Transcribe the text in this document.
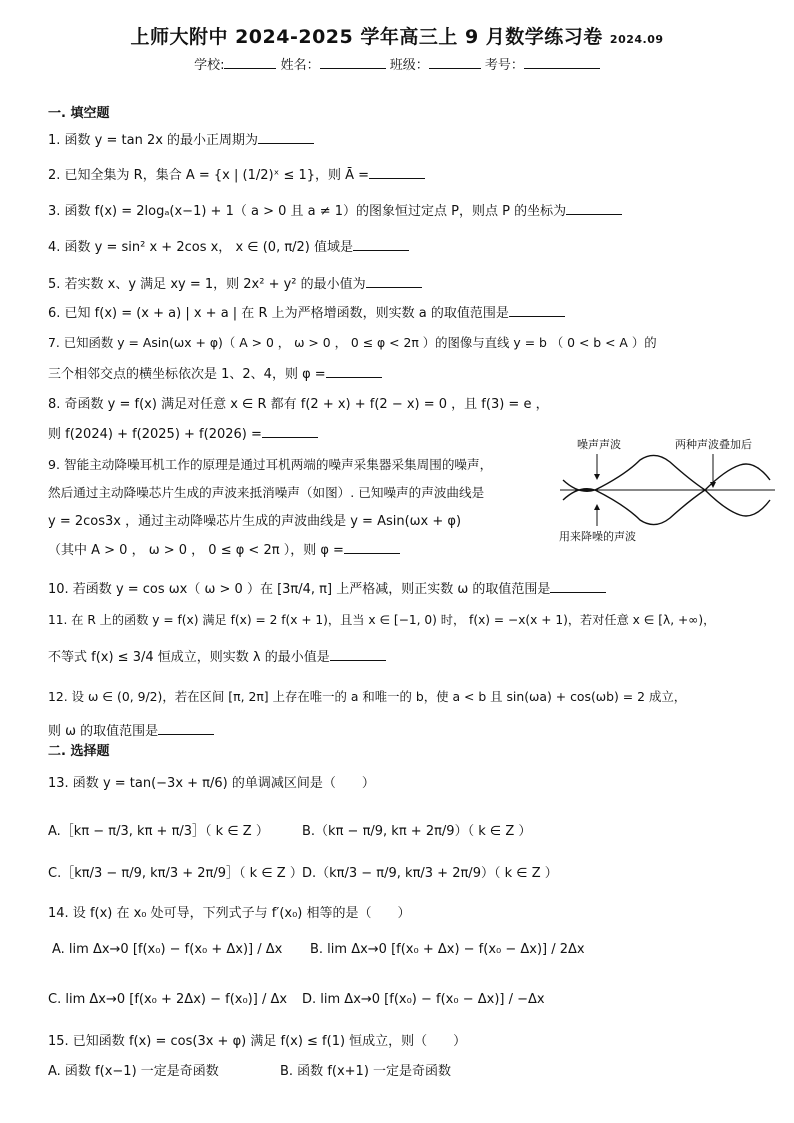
上师大附中 2024-2025 学年高三上 9 月数学练习卷 2024.09
学校:	姓名：	班级：	考号：
一. 填空题
1. 函数 y = tan 2x 的最小正周期为
2. 已知全集为 R，集合 A = {x | (1/2)ˣ ≤ 1}，则 Ā =
3. 函数 f(x) = 2logₐ(x−1) + 1（ a > 0 且 a ≠ 1）的图象恒过定点 P，则点 P 的坐标为
4. 函数 y = sin² x + 2cos x， x ∈ (0, π/2) 值域是
5. 若实数 x、y 满足 xy = 1，则 2x² + y² 的最小值为
6. 已知 f(x) = (x + a) | x + a | 在 R 上为严格增函数，则实数 a 的取值范围是
7. 已知函数 y = Asin(ωx + φ)（ A > 0 ， ω > 0 ， 0 ≤ φ < 2π ）的图像与直线 y = b （ 0 < b < A ）的
三个相邻交点的横坐标依次是 1、2、4，则 φ =
8. 奇函数 y = f(x) 满足对任意 x ∈ R 都有 f(2 + x) + f(2 − x) = 0 ，且 f(3) = e ，
则 f(2024) + f(2025) + f(2026) =
9. 智能主动降噪耳机工作的原理是通过耳机两端的噪声采集器采集周围的噪声，
然后通过主动降噪芯片生成的声波来抵消噪声（如图）. 已知噪声的声波曲线是
y = 2cos3x ，通过主动降噪芯片生成的声波曲线是 y = Asin(ωx + φ)
（其中 A > 0 ， ω > 0 ， 0 ≤ φ < 2π ），则 φ =
噪声声波	两种声波叠加后
用来降噪的声波
10. 若函数 y = cos ωx（ ω > 0 ）在 [3π/4, π] 上严格减，则正实数 ω 的取值范围是
11. 在 R 上的函数 y = f(x) 满足 f(x) = 2 f(x + 1)，且当 x ∈ [−1, 0) 时， f(x) = −x(x + 1)，若对任意 x ∈ [λ, +∞)，
不等式 f(x) ≤ 3/4 恒成立，则实数 λ 的最小值是
12. 设 ω ∈ (0, 9/2)，若在区间 [π, 2π] 上存在唯一的 a 和唯一的 b，使 a < b 且 sin(ωa) + cos(ωb) = 2 成立，
则 ω 的取值范围是
二. 选择题
13. 函数 y = tan(−3x + π/6) 的单调减区间是（　　）
A.［kπ − π/3, kπ + π/3］（ k ∈ Z ）	B.（kπ − π/9, kπ + 2π/9）（ k ∈ Z ）
C.［kπ/3 − π/9, kπ/3 + 2π/9］（ k ∈ Z ） D.（kπ/3 − π/9, kπ/3 + 2π/9）（ k ∈ Z ）
14. 设 f(x) 在 x₀ 处可导，下列式子与 f′(x₀) 相等的是（　　）
A. lim Δx→0 [f(x₀) − f(x₀ + Δx)] / Δx B. lim Δx→0 [f(x₀ + Δx) − f(x₀ − Δx)] / 2Δx
C. lim Δx→0 [f(x₀ + 2Δx) − f(x₀)] / Δx D. lim Δx→0 [f(x₀) − f(x₀ − Δx)] / −Δx
15. 已知函数 f(x) = cos(3x + φ) 满足 f(x) ≤ f(1) 恒成立，则（　　）
A. 函数 f(x−1) 一定是奇函数	B. 函数 f(x+1) 一定是奇函数
